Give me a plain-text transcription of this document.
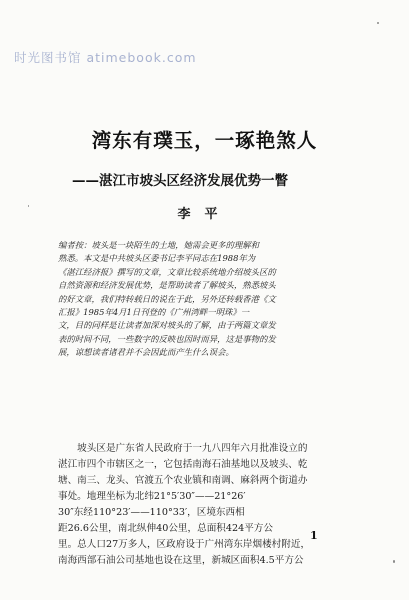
时光图书馆 atimebook.com
湾东有璞玉，一琢艳煞人
——湛江市坡头区经济发展优势一瞥
李平
编者按：坡头是一块陌生的土地，她需会更多的理解和
熟悉。本文是中共坡头区委书记李平同志在1988年为
《湛江经济报》撰写的文章，文章比较系统地介绍坡头区的
自然资源和经济发展优势，是帮助读者了解坡头，熟悉坡头
的好文章，我们特转载日的说在于此，另外还转载香港《文
汇报》1985年4月1日刊登的《广州湾畔一明珠》一
文，目的同样是让读者加深对坡头的了解，由于两篇文章发
表的时间不同，一些数字的反映也因时而异，这是事物的发
展，谅想读者诸君并不会因此而产生什么误会。
　　坡头区是广东省人民政府于一九八四年六月批准设立的
湛江市四个市辖区之一，它包括南海石油基地以及坡头、乾
塘、南三、龙头、官渡五个农业镇和南调、麻斜两个街道办
事处。地理坐标为北纬21°5′30″——21°26′
30″东经110°23′——110°33′，区境东西相
距26.6公里，南北纵伸40公里，总面积424平方公
里。总人口27万多人，区政府设于广州湾东岸烟楼村附近，
南海西部石油公司基地也设在这里，新城区面积4.5平方公
1
